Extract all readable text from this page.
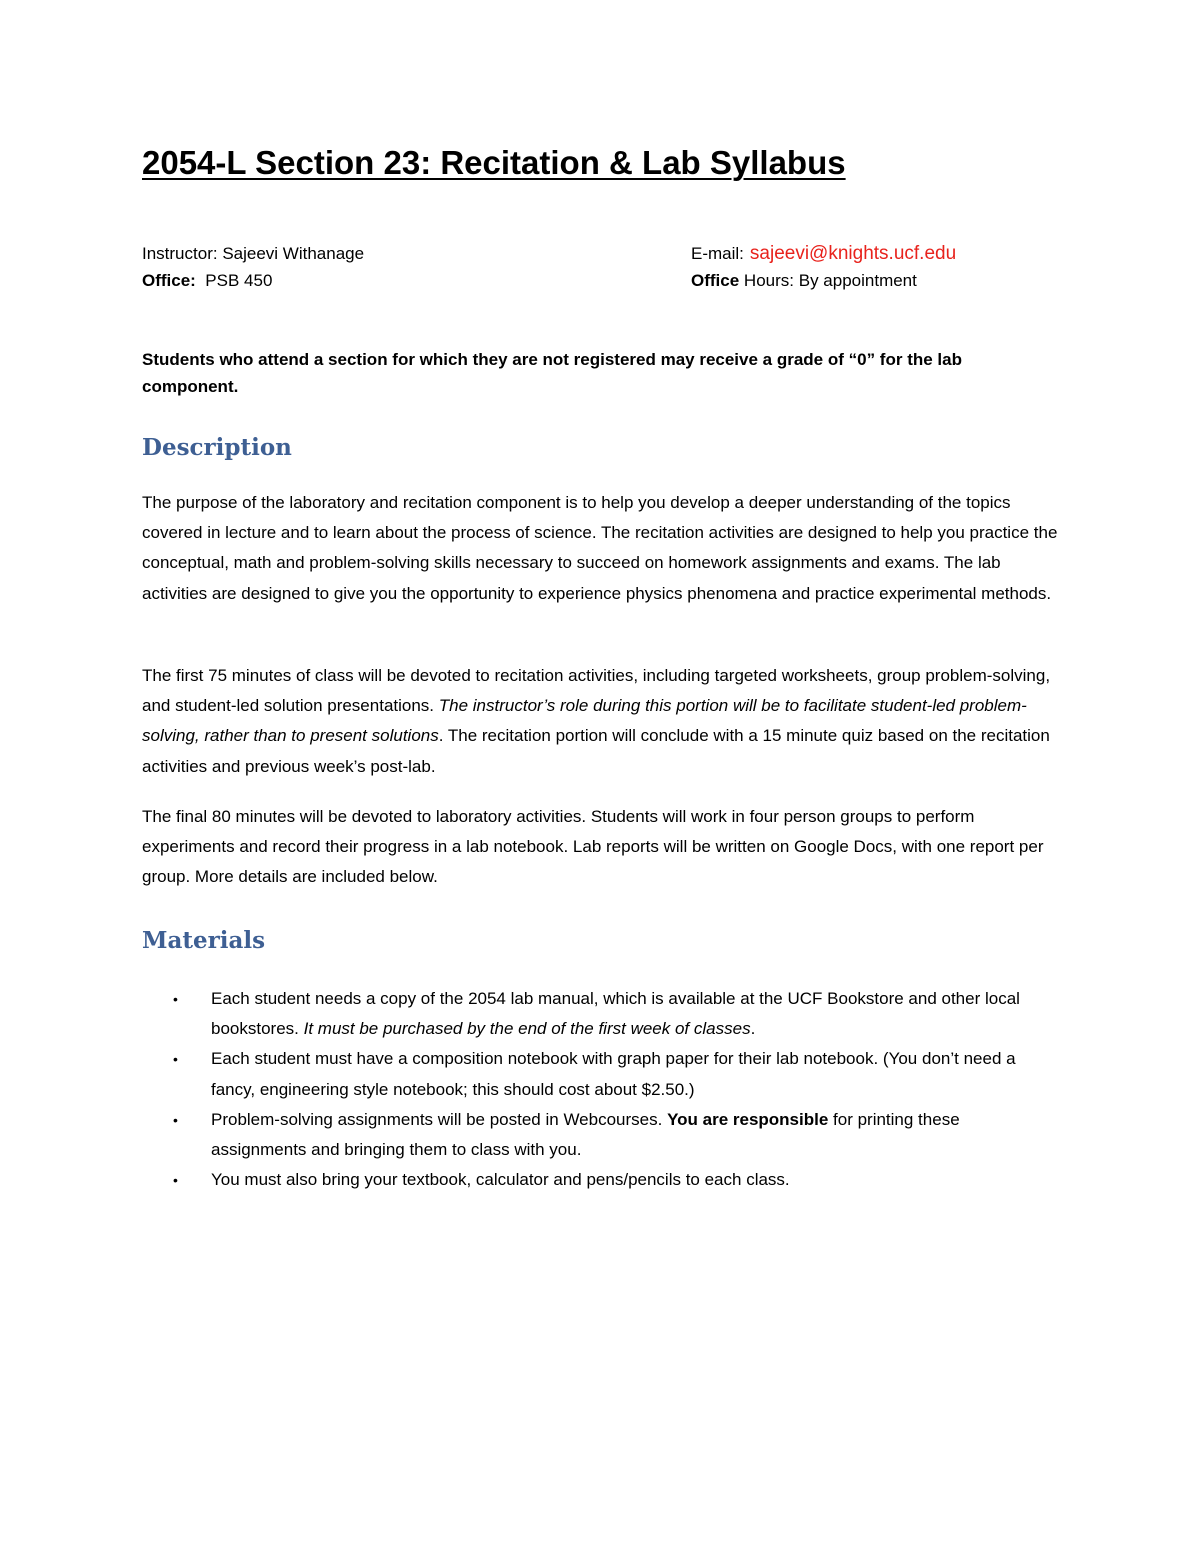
2054-L Section 23: Recitation & Lab Syllabus
Instructor: Sajeevi Withanage	E-mail: sajeevi@knights.ucf.edu
Office: PSB 450	Office Hours: By appointment

Students who attend a section for which they are not registered may receive a grade of “0” for the lab component.

Description

The purpose of the laboratory and recitation component is to help you develop a deeper understanding of the topics covered in lecture and to learn about the process of science. The recitation activities are designed to help you practice the conceptual, math and problem-solving skills necessary to succeed on homework assignments and exams. The lab activities are designed to give you the opportunity to experience physics phenomena and practice experimental methods.

The first 75 minutes of class will be devoted to recitation activities, including targeted worksheets, group problem-solving, and student-led solution presentations. The instructor’s role during this portion will be to facilitate student-led problem-solving, rather than to present solutions. The recitation portion will conclude with a 15 minute quiz based on the recitation activities and previous week’s post-lab.

The final 80 minutes will be devoted to laboratory activities. Students will work in four person groups to perform experiments and record their progress in a lab notebook. Lab reports will be written on Google Docs, with one report per group. More details are included below.

Materials
• Each student needs a copy of the 2054 lab manual, which is available at the UCF Bookstore and other local bookstores. It must be purchased by the end of the first week of classes.
• Each student must have a composition notebook with graph paper for their lab notebook. (You don’t need a fancy, engineering style notebook; this should cost about $2.50.)
• Problem-solving assignments will be posted in Webcourses. You are responsible for printing these assignments and bringing them to class with you.
• You must also bring your textbook, calculator and pens/pencils to each class.
